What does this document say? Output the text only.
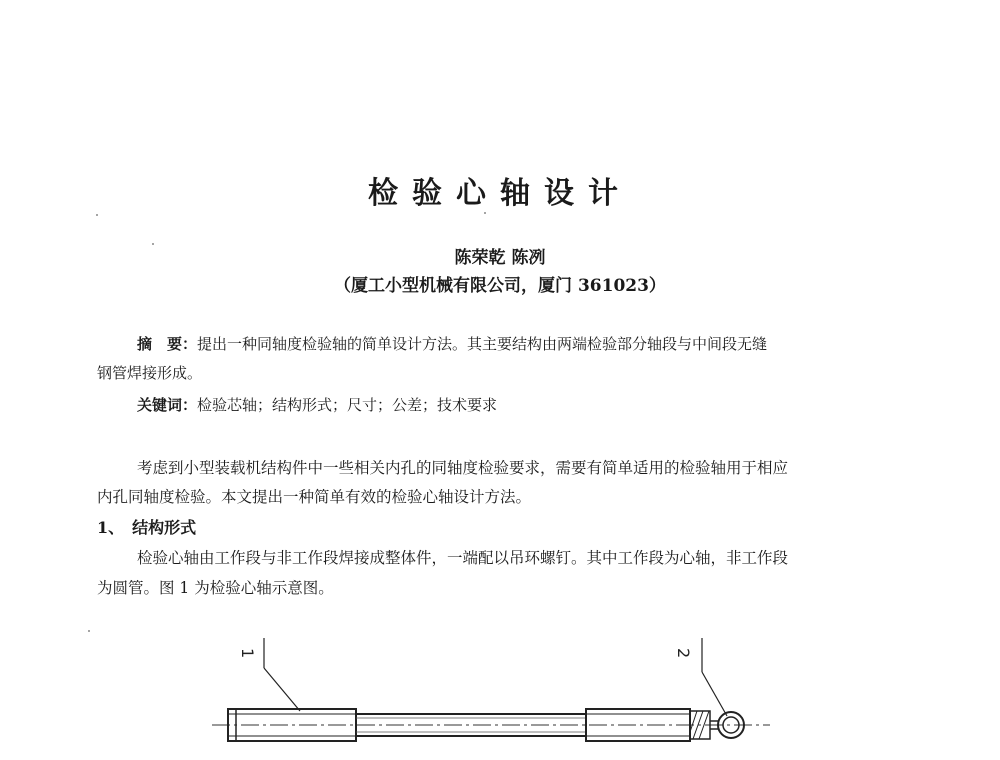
检验心轴设计
陈荣乾 陈冽
（厦工小型机械有限公司，厦门 361023）
摘　要：提出一种同轴度检验轴的简单设计方法。其主要结构由两端检验部分轴段与中间段无缝
钢管焊接形成。
关键词：检验芯轴；结构形式；尺寸；公差；技术要求
考虑到小型装载机结构件中一些相关内孔的同轴度检验要求，需要有简单适用的检验轴用于相应
内孔同轴度检验。本文提出一种简单有效的检验心轴设计方法。
1、　结构形式
检验心轴由工作段与非工作段焊接成整体件，一端配以吊环螺钉。其中工作段为心轴，非工作段
为圆管。图 1 为检验心轴示意图。
1	2
